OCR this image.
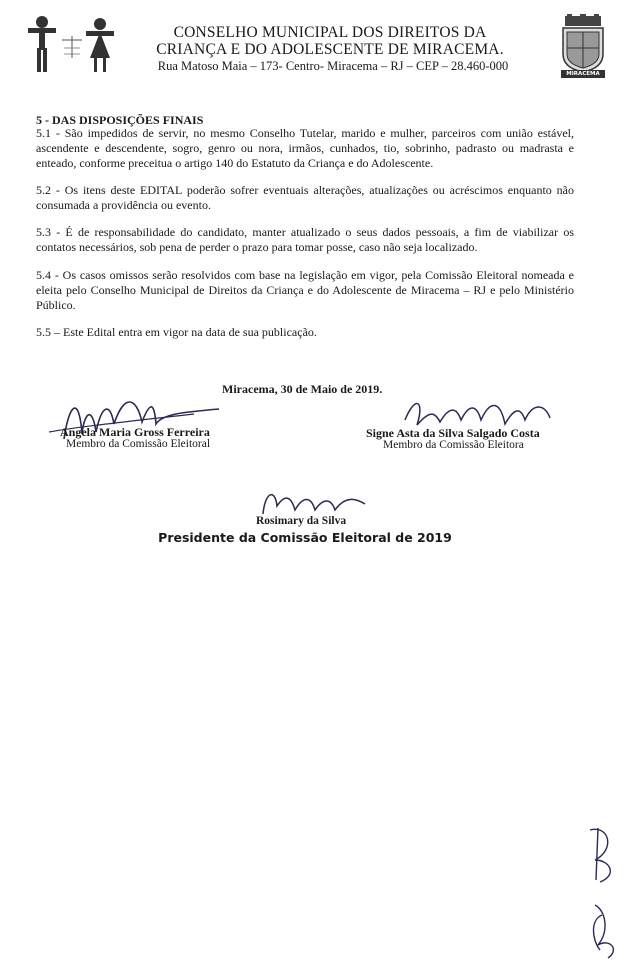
MIRACEMA
CONSELHO MUNICIPAL DOS DIREITOS DA
CRIANÇA E DO ADOLESCENTE DE MIRACEMA.
Rua Matoso Maia – 173- Centro- Miracema – RJ – CEP – 28.460-000
5 - DAS DISPOSIÇÕES FINAIS
5.1 - São impedidos de servir, no mesmo Conselho Tutelar, marido e mulher, parceiros com união estável, ascendente e descendente, sogro, genro ou nora, irmãos, cunhados, tio, sobrinho, padrasto ou madrasta e enteado, conforme preceitua o artigo 140 do Estatuto da Criança e do Adolescente.
5.2 - Os itens deste EDITAL poderão sofrer eventuais alterações, atualizações ou acréscimos enquanto não consumada a providência ou evento.
5.3 - É de responsabilidade do candidato, manter atualizado o seus dados pessoais, a fim de viabilizar os contatos necessários, sob pena de perder o prazo para tomar posse, caso não seja localizado.
5.4 - Os casos omissos serão resolvidos com base na legislação em vigor, pela Comissão Eleitoral nomeada e eleita pelo Conselho Municipal de Direitos da Criança e do Adolescente de Miracema – RJ e pelo Ministério Público.
5.5 – Este Edital entra em vigor na data de sua publicação.
Miracema, 30 de Maio de 2019.
Angela Maria Gross Ferreira
Membro da Comissão Eleitoral
Signe Asta da Silva Salgado Costa
Membro da Comissão Eleitora
Rosimary da Silva
Presidente da Comissão Eleitoral de 2019
